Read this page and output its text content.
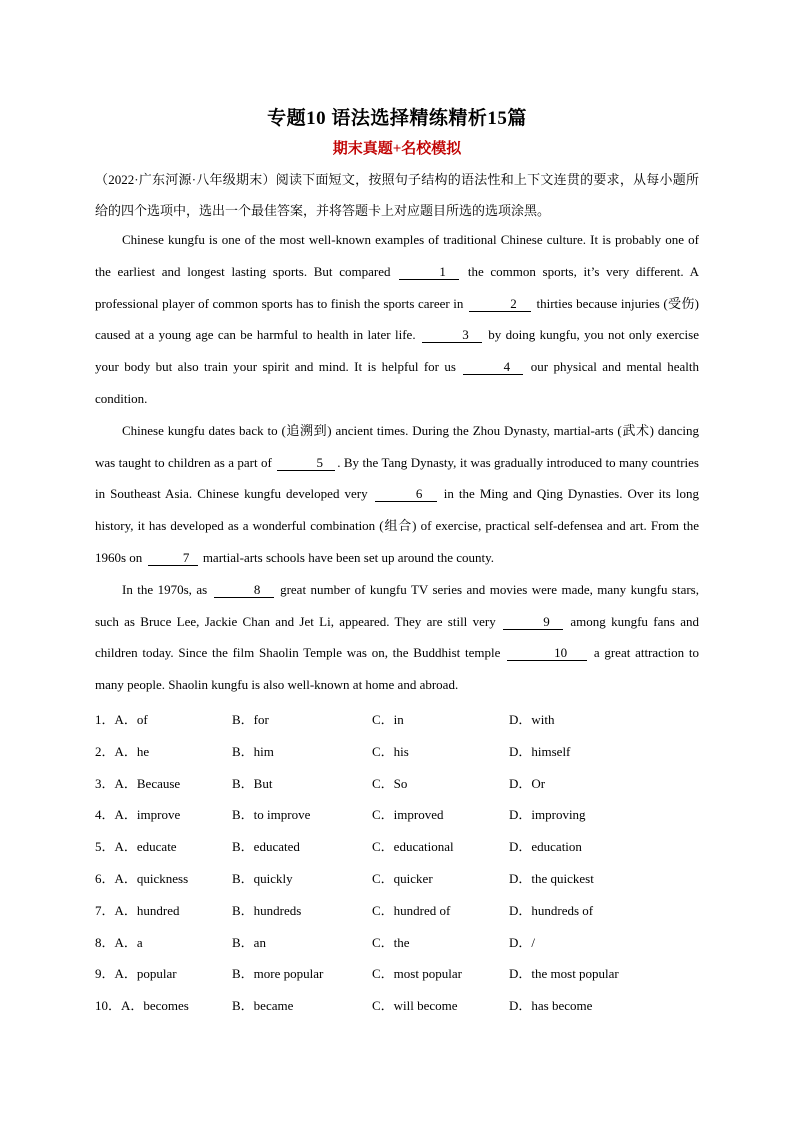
专题10 语法选择精练精析15篇
期末真题+名校模拟

（2022·广东河源·八年级期末）阅读下面短文，按照句子结构的语法性和上下文连贯的要求，从每小题所给的四个选项中，选出一个最佳答案，并将答题卡上对应题目所选的选项涂黑。

Chinese kungfu is one of the most well-known examples of traditional Chinese culture. It is probably one of the earliest and longest lasting sports. But compared	1 the common sports, it’s very different. A professional player of common sports has to finish the sports career in	2 thirties because injuries (受伤) caused at a young age can be harmful to health in later life.	3 by doing kungfu, you not only exercise your body but also train your spirit and mind. It is helpful for us	4 our physical and mental health condition.

Chinese kungfu dates back to (追溯到) ancient times. During the Zhou Dynasty, martial-arts (武术) dancing was taught to children as a part of	5 . By the Tang Dynasty, it was gradually introduced to many countries in Southeast Asia. Chinese kungfu developed very	6 in the Ming and Qing Dynasties. Over its long history, it has developed as a wonderful combination (组合) of exercise, practical self-defensea and art. From the 1960s on	7 martial-arts schools have been set up around the county.

In the 1970s, as	8 great number of kungfu TV series and movies were made, many kungfu stars, such as Bruce Lee, Jackie Chan and Jet Li, appeared. They are still very	9 among kungfu fans and children today. Since the film Shaolin Temple was on, the Buddhist temple	10 a great attraction to many people. Shaolin kungfu is also well-known at home and abroad.

1．A．of	B．for	C．in	D．with
2．A．he	B．him	C．his	D．himself
3．A．Because	B．But	C．So	D．Or
4．A．improve	B．to improve	C．improved	D．improving
5．A．educate	B．educated	C．educational	D．education
6．A．quickness	B．quickly	C．quicker	D．the quickest
7．A．hundred	B．hundreds	C．hundred of	D．hundreds of
8．A．a	B．an	C．the	D．/
9．A．popular	B．more popular	C．most popular	D．the most popular
10．A．becomes	B．became	C．will become	D．has become
